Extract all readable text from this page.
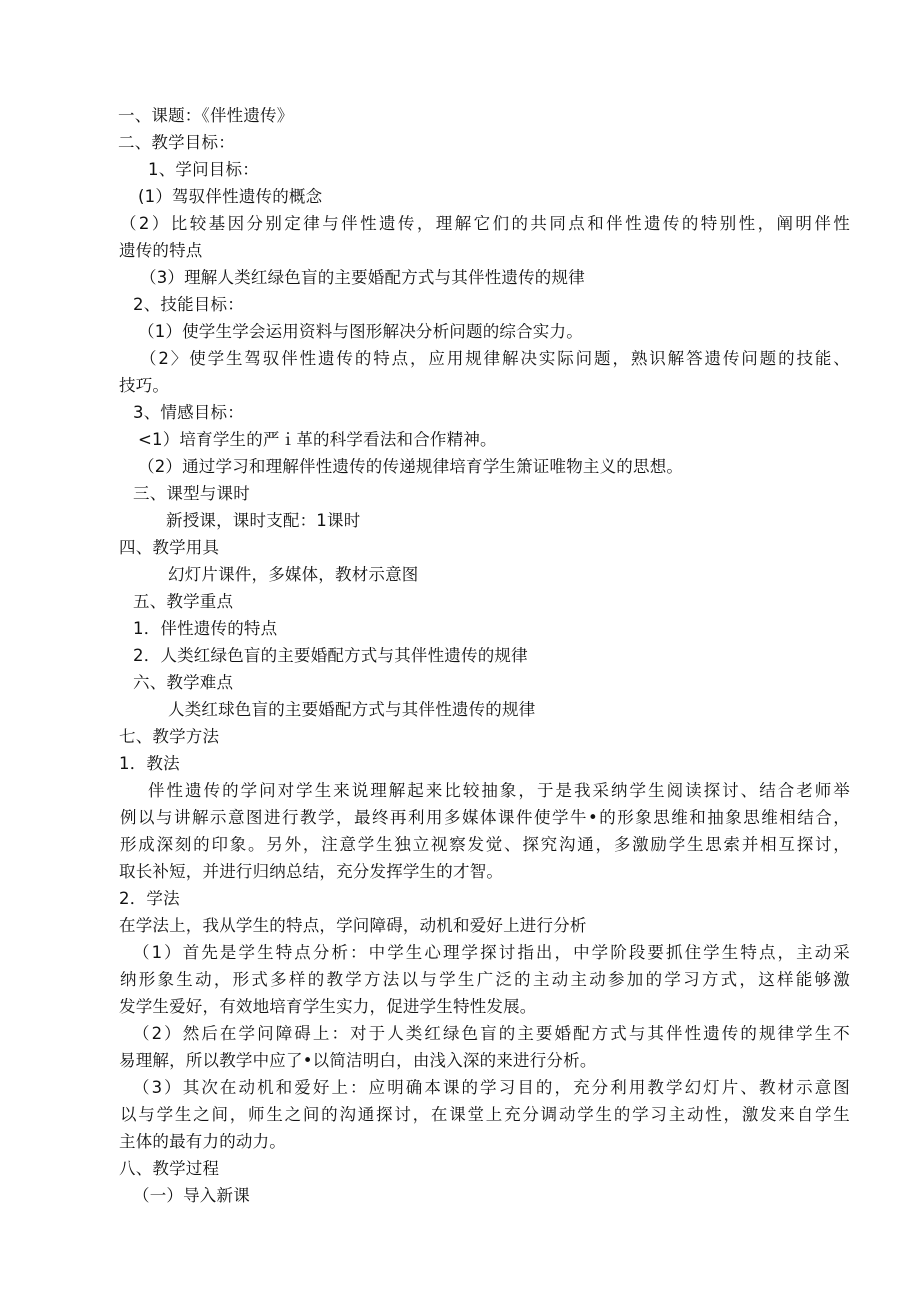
一、课题：《伴性遗传》
二、教学目标：
1、学问目标：
(1）驾驭伴性遗传的概念
（2）比较基因分别定律与伴性遗传，理解它们的共同点和伴性遗传的特别性，阐明伴性
遗传的特点
（3）理解人类红绿色盲的主要婚配方式与其伴性遗传的规律
2、技能目标：
（1）使学生学会运用资料与图形解决分析问题的综合实力。
（2〉使学生驾驭伴性遗传的特点，应用规律解决实际问题，熟识解答遗传问题的技能、
技巧。
3、情感目标：
<1）培育学生的严ｉ革的科学看法和合作精神。
（2）通过学习和理解伴性遗传的传递规律培育学生箫证唯物主义的思想。
三、课型与课时
新授课，课时支配：1课时
四、教学用具
幻灯片课件，多媒体，教材示意图
五、教学重点
1．伴性遗传的特点
2．人类红绿色盲的主要婚配方式与其伴性遗传的规律
六、教学难点
人类红球色盲的主要婚配方式与其伴性遗传的规律
七、教学方法
1．教法
伴性遗传的学问对学生来说理解起来比较抽象，于是我采纳学生阅读探讨、结合老师举
例以与讲解示意图进行教学，最终再利用多媒体课件使学牛•的形象思维和抽象思维相结合，
形成深刻的印象。另外，注意学生独立视察发觉、探究沟通，多激励学生思索并相互探讨，
取长补短，并进行归纳总结，充分发挥学生的才智。
2．学法
在学法上，我从学生的特点，学问障碍，动机和爱好上进行分析
（1）首先是学生特点分析：中学生心理学探讨指出，中学阶段要抓住学生特点，主动采
纳形象生动，形式多样的教学方法以与学生广泛的主动主动参加的学习方式，这样能够激
发学生爱好，有效地培育学生实力，促进学生特性发展。
（2）然后在学问障碍上：对于人类红绿色盲的主要婚配方式与其伴性遗传的规律学生不
易理解，所以教学中应了•以简洁明白，由浅入深的来进行分析。
（3）其次在动机和爱好上：应明确本课的学习目的，充分利用教学幻灯片、教材示意图
以与学生之间，师生之间的沟通探讨，在课堂上充分调动学生的学习主动性，激发来自学生
主体的最有力的动力。
八、教学过程
（一）导入新课
